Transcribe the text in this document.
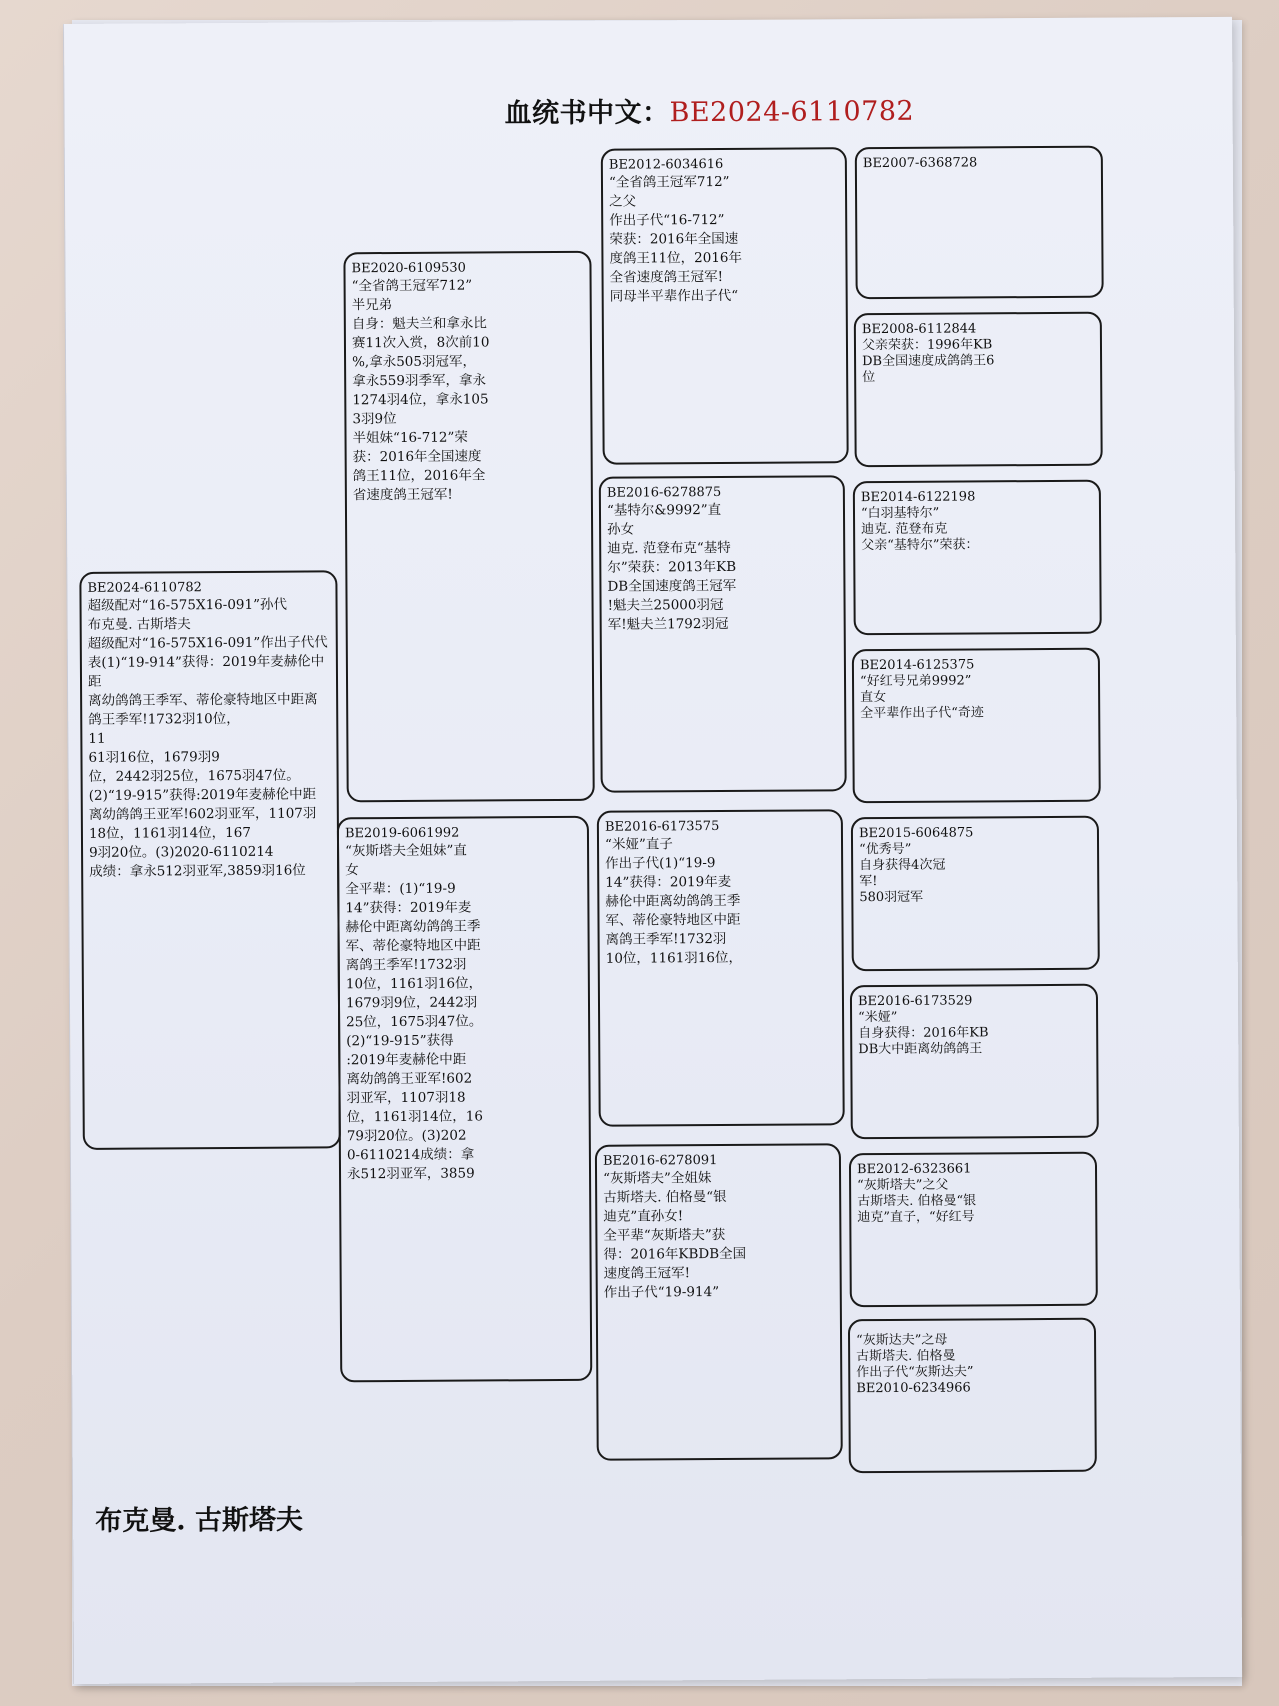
血统书中文：BE2024-6110782
BE2024-6110782
超级配对“16-575X16-091”孙代
布克曼. 古斯塔夫
超级配对“16-575X16-091”作出子代代表(1)“19-914”获得：2019年麦赫伦中距
离幼鸽鸽王季军、蒂伦豪特地区中距离鸽王季军!1732羽10位，
11
61羽16位，1679羽9
位，2442羽25位，1675羽47位。(2)“19-915”获得:2019年麦赫伦中距
离幼鸽鸽王亚军!602羽亚军，1107羽18位，1161羽14位，167
9羽20位。(3)2020-6110214
成绩：拿永512羽亚军,3859羽16位
BE2020-6109530
“全省鸽王冠军712”
半兄弟
自身：魁夫兰和拿永比
赛11次入赏，8次前10
%,拿永505羽冠军，
拿永559羽季军，拿永
1274羽4位，拿永105
3羽9位
半姐妹“16-712”荣
获：2016年全国速度
鸽王11位，2016年全
省速度鸽王冠军!
BE2019-6061992
“灰斯塔夫全姐妹”直
女
全平辈：(1)“19-9
14”获得：2019年麦
赫伦中距离幼鸽鸽王季
军、蒂伦豪特地区中距
离鸽王季军!1732羽
10位，1161羽16位，
1679羽9位，2442羽
25位，1675羽47位。
(2)“19-915”获得
:2019年麦赫伦中距
离幼鸽鸽王亚军!602
羽亚军，1107羽18
位，1161羽14位，16
79羽20位。(3)202
0-6110214成绩：拿
永512羽亚军，3859
BE2012-6034616
“全省鸽王冠军712”
之父
作出子代“16-712”
荣获：2016年全国速
度鸽王11位，2016年
全省速度鸽王冠军!
同母半平辈作出子代“
BE2016-6278875
“基特尔&9992”直
孙女
迪克. 范登布克“基特
尔”荣获：2013年KB
DB全国速度鸽王冠军
!魁夫兰25000羽冠
军!魁夫兰1792羽冠
BE2016-6173575
“米娅”直子
作出子代(1)“19-9
14”获得：2019年麦
赫伦中距离幼鸽鸽王季
军、蒂伦豪特地区中距
离鸽王季军!1732羽
10位，1161羽16位，
BE2016-6278091
“灰斯塔夫”全姐妹
古斯塔夫. 伯格曼“银
迪克”直孙女!
全平辈“灰斯塔夫”获
得：2016年KBDB全国
速度鸽王冠军!
作出子代“19-914”
BE2007-6368728
BE2008-6112844
父亲荣获：1996年KB
DB全国速度成鸽鸽王6
位
BE2014-6122198
“白羽基特尔”
迪克. 范登布克
父亲“基特尔”荣获：
BE2014-6125375
“好红号兄弟9992”
直女
全平辈作出子代“奇迹
BE2015-6064875
“优秀号”
自身获得4次冠
军!
580羽冠军
BE2016-6173529
“米娅”
自身获得：2016年KB
DB大中距离幼鸽鸽王
BE2012-6323661
“灰斯塔夫”之父
古斯塔夫. 伯格曼“银
迪克”直子，“好红号
“灰斯达夫”之母
古斯塔夫. 伯格曼
作出子代“灰斯达夫”
BE2010-6234966
布克曼. 古斯塔夫
